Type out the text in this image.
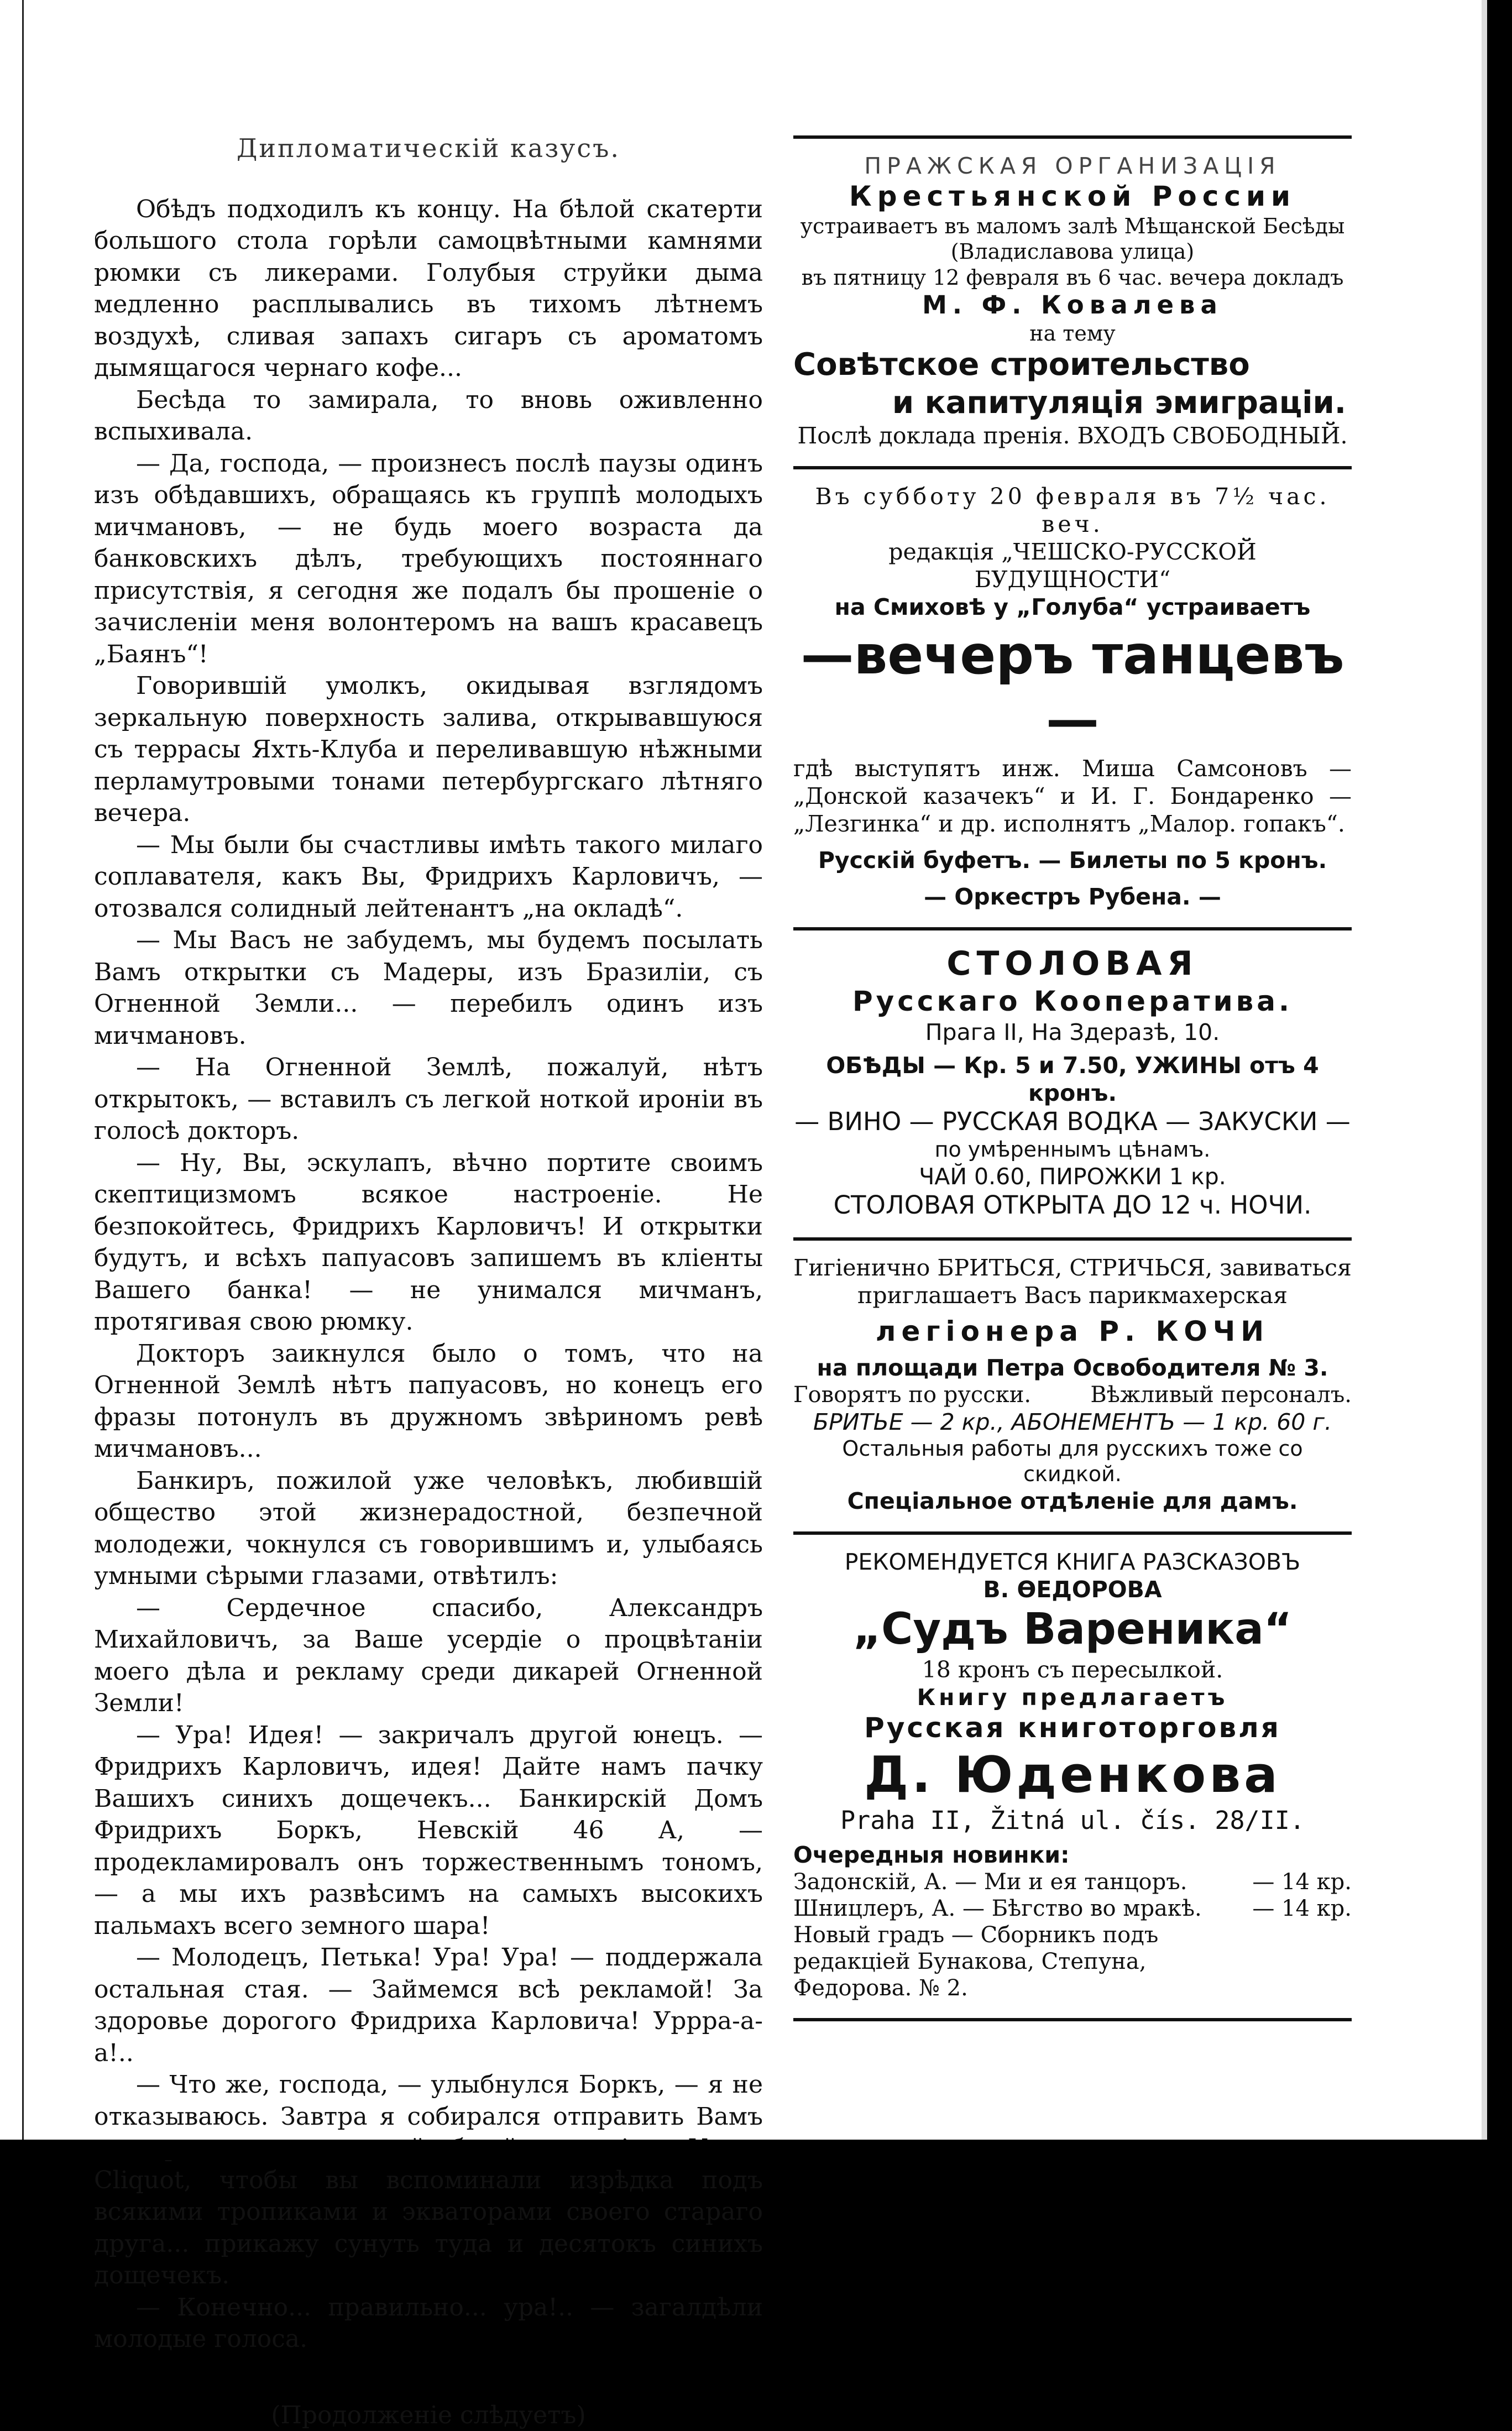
Дипломатическій казусъ.

Обѣдъ подходилъ къ концу. На бѣлой скатерти большого стола горѣли самоцвѣтными камнями рюмки съ ликерами. Голубыя струйки дыма медленно расплывались въ тихомъ лѣтнемъ воздухѣ, сливая запахъ сигаръ съ ароматомъ дымящагося чернаго кофе...

Бесѣда то замирала, то вновь оживленно вспыхивала.

— Да, господа, — произнесъ послѣ паузы одинъ изъ обѣдавшихъ, обращаясь къ группѣ молодыхъ мичмановъ, — не будь моего возраста да банковскихъ дѣлъ, требующихъ постояннаго присутствія, я сегодня же подалъ бы прошеніе о зачисленіи меня волонтеромъ на вашъ красавецъ „Баянъ“!

Говорившій умолкъ, окидывая взглядомъ зеркальную поверхность залива, открывавшуюся съ террасы Яхть-Клуба и переливавшую нѣжными перламутровыми тонами петербургскаго лѣтняго вечера.

— Мы были бы счастливы имѣть такого милаго соплавателя, какъ Вы, Фридрихъ Карловичъ, — отозвался солидный лейтенантъ „на окладѣ“.

— Мы Васъ не забудемъ, мы будемъ посылать Вамъ открытки съ Мадеры, изъ Бразиліи, съ Огненной Земли... — перебилъ одинъ изъ мичмановъ.

— На Огненной Землѣ, пожалуй, нѣтъ открытокъ, — вставилъ съ легкой ноткой ироніи въ голосѣ докторъ.

— Ну, Вы, эскулапъ, вѣчно портите своимъ скептицизмомъ всякое настроеніе. Не безпокойтесь, Фридрихъ Карловичъ! И открытки будутъ, и всѣхъ папуасовъ запишемъ въ кліенты Вашего банка! — не унимался мичманъ, протягивая свою рюмку.

Докторъ заикнулся было о томъ, что на Огненной Землѣ нѣтъ папуасовъ, но конецъ его фразы потонулъ въ дружномъ звѣриномъ ревѣ мичмановъ...

Банкиръ, пожилой уже человѣкъ, любившій общество этой жизнерадостной, безпечной молодежи, чокнулся съ говорившимъ и, улыбаясь умными сѣрыми глазами, отвѣтилъ:

— Сердечное спасибо, Александръ Михайловичъ, за Ваше усердіе о процвѣтаніи моего дѣла и рекламу среди дикарей Огненной Земли!

— Ура! Идея! — закричалъ другой юнецъ. — Фридрихъ Карловичъ, идея! Дайте намъ пачку Вашихъ синихъ дощечекъ... Банкирскій Домъ Фридрихъ Боркъ, Невскій 46 А, — продекламировалъ онъ торжественнымъ тономъ, — а мы ихъ развѣсимъ на самыхъ высокихъ пальмахъ всего земного шара!

— Молодецъ, Петька! Ура! Ура! — поддержала остальная стая. — Займемся всѣ рекламой! За здоровье дорогого Фридриха Карловича! Урррa-а-а!..

— Что же, господа, — улыбнулся Боркъ, — я не отказываюсь. Завтра я собирался отправить Вамъ Cliquot, чтобы вы вспоминали изрѣдка подъ всякими тропиками и экваторами своего стараго друга... прикажу сунуть туда и десятокъ синихъ дощечекъ.

— Конечно... правильно... ура!.. — загалдѣли молодые голоса.

(Продолженіе слѣдуетъ)

ПРАЖСКАЯ ОРГАНИЗАЦІЯ

Крестьянской России

устраиваетъ въ маломъ залѣ Мѣщанской Бесѣды

(Владиславова улица)

въ пятницу 12 февраля въ 6 час. вечера докладъ

М. Ф. Ковалева

на тему

Совѣтское строительство

и капитуляція эмиграціи.

Послѣ доклада пренія. ВХОДЪ СВОБОДНЫЙ.

Въ субботу 20 февраля въ 7½ час. веч.

редакція „ЧЕШСКО-РУССКОЙ БУДУЩНОСТИ“

на Смиховѣ у „Голуба“ устраиваетъ

—вечеръ танцевъ—

гдѣ выступятъ инж. Миша Самсоновъ — „Донской казачекъ“ и И. Г. Бондаренко — „Лезгинка“ и др. исполнятъ „Малор. гопакъ“.

Русскій буфетъ. — Билеты по 5 кронъ.

— Оркестръ Рубена. —

СТОЛОВАЯ

Русскаго Кооператива.

Прага II, На Здеразѣ, 10.

ОБѢДЫ — Кр. 5 и 7.50, УЖИНЫ отъ 4 кронъ.

— ВИНО — РУССКАЯ ВОДКА — ЗАКУСКИ —

по умѣреннымъ цѣнамъ.

ЧАЙ 0.60, ПИРОЖКИ 1 кр.

СТОЛОВАЯ ОТКРЫТА ДО 12 ч. НОЧИ.

Гигіенично БРИТЬСЯ, СТРИЧЬСЯ, завиваться

приглашаетъ Васъ парикмахерская

легіонера Р. КОЧИ

на площади Петра Освободителя № 3.

Говорятъ по русски.	Вѣжливый персоналъ.

БРИТЬЕ — 2 кр., АБОНЕМЕНТЪ — 1 кр. 60 г.

Остальныя работы для русскихъ тоже со скидкой.

Спеціальное отдѣленіе для дамъ.

РЕКОМЕНДУЕТСЯ КНИГА РАЗСКАЗОВЪ

В. ѲЕДОРОВА

„Судъ Вареника“

18 кронъ съ пересылкой.

Книгу предлагаетъ

Русская книготорговля

Д. Юденкова

Praha II, Žitná ul. čís. 28/II.

Очередныя новинки:

Задонскій, А. — Ми и ея танцоръ.	— 14 кр.
Шницлеръ, А. — Бѣгство во мракѣ. — 14 кр.
Новый градъ — Сборникъ подъ редакціей Бунакова, Степуна, Федорова. № 2.
